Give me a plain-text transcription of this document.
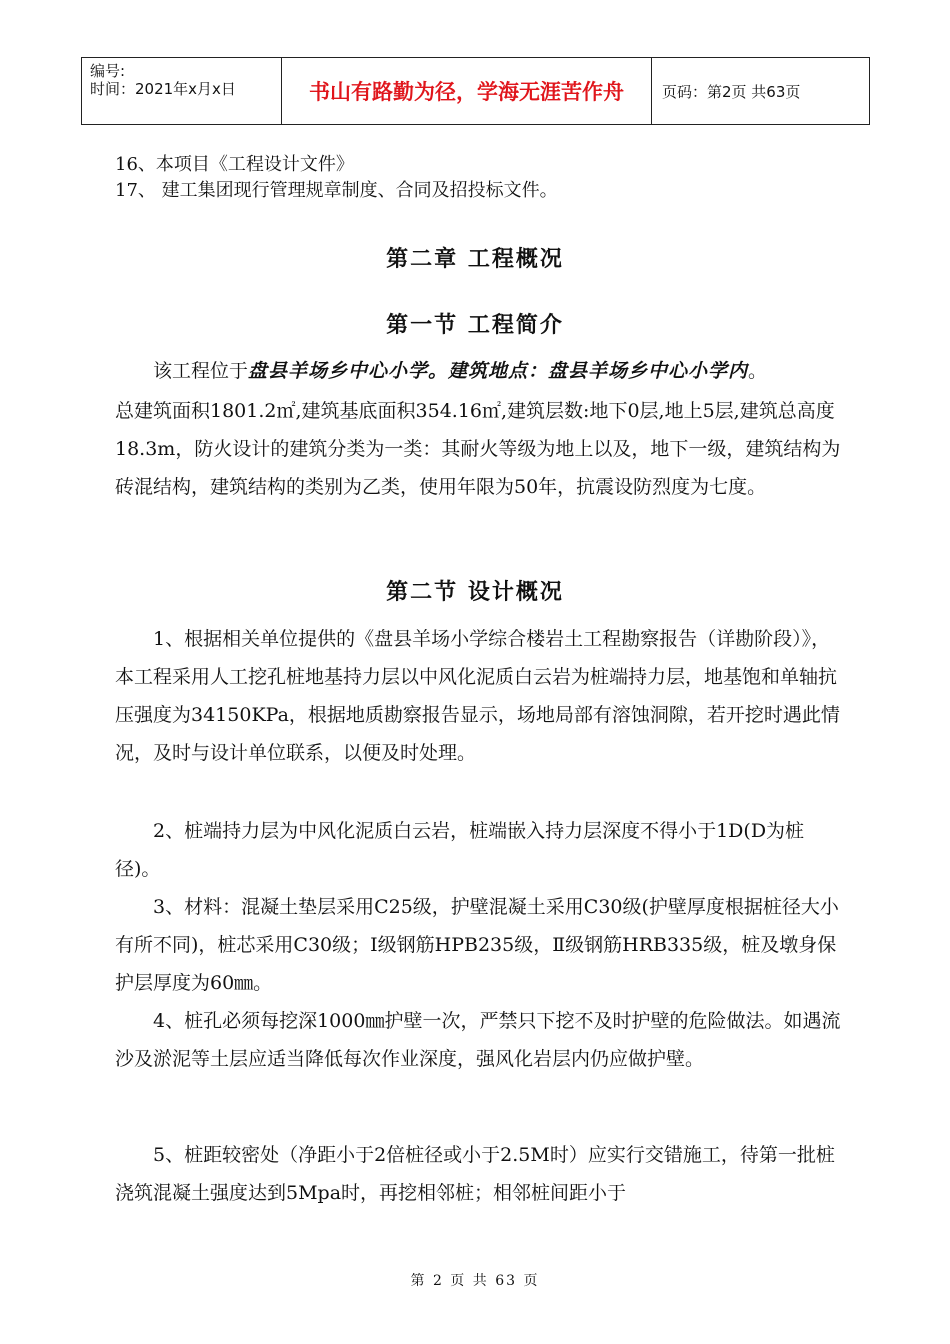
编号:
时间：2021年x月x日	书山有路勤为径，学海无涯苦作舟	页码：第2页 共63页
16、本项目《工程设计文件》
17、 建工集团现行管理规章制度、合同及招投标文件。
第二章 工程概况
第一节 工程简介
该工程位于盘县羊场乡中心小学。建筑地点：盘县羊场乡中心小学内。
总建筑面积1801.2㎡,建筑基底面积354.16㎡,建筑层数:地下0层,地上5层,建筑总高度18.3m，防火设计的建筑分类为一类：其耐火等级为地上以及，地下一级，建筑结构为砖混结构，建筑结构的类别为乙类，使用年限为50年，抗震设防烈度为七度。
第二节 设计概况
1、根据相关单位提供的《盘县羊场小学综合楼岩土工程勘察报告（详勘阶段）》，本工程采用人工挖孔桩地基持力层以中风化泥质白云岩为桩端持力层，地基饱和单轴抗压强度为34150KPa，根据地质勘察报告显示，场地局部有溶蚀洞隙，若开挖时遇此情况，及时与设计单位联系，以便及时处理。
2、桩端持力层为中风化泥质白云岩，桩端嵌入持力层深度不得小于1D(D为桩径)。
3、材料：混凝土垫层采用C25级，护壁混凝土采用C30级(护壁厚度根据桩径大小有所不同)，桩芯采用C30级；Ⅰ级钢筋HPB235级，Ⅱ级钢筋HRB335级，桩及墩身保护层厚度为60㎜。
4、桩孔必须每挖深1000㎜护壁一次，严禁只下挖不及时护壁的危险做法。如遇流沙及淤泥等土层应适当降低每次作业深度，强风化岩层内仍应做护壁。
5、桩距较密处（净距小于2倍桩径或小于2.5M时）应实行交错施工，待第一批桩浇筑混凝土强度达到5Mpa时，再挖相邻桩；相邻桩间距小于
第 2 页 共 63 页
